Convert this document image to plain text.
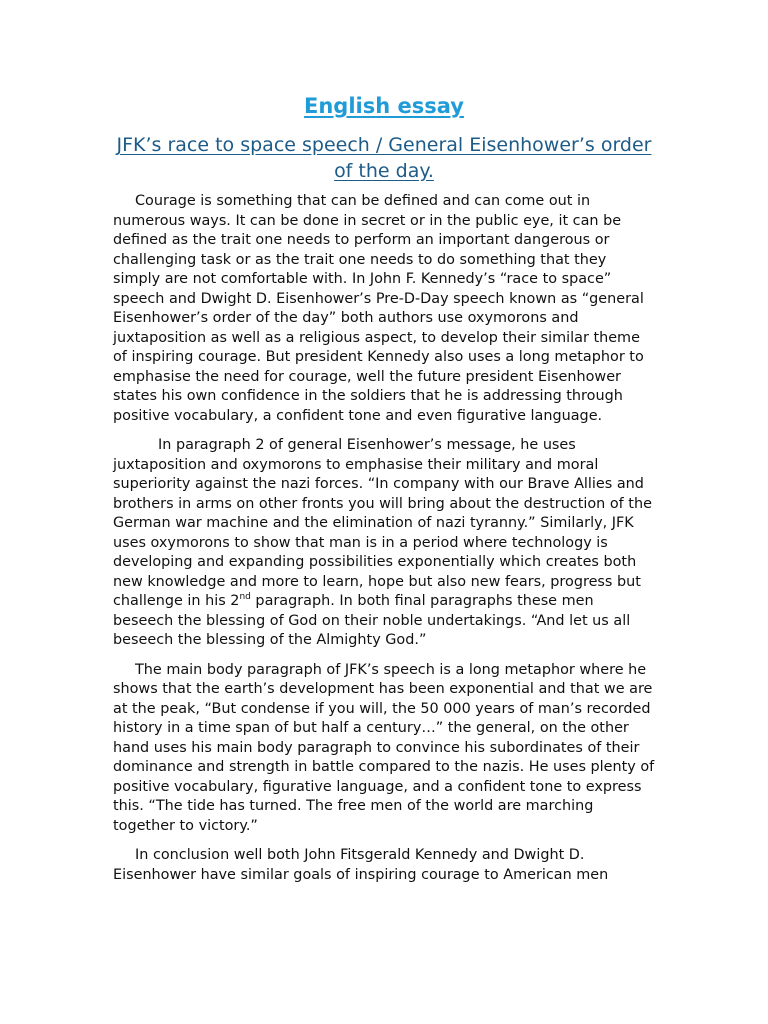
English essay
JFK’s race to space speech / General Eisenhower’s order of the day.

Courage is something that can be defined and can come out in numerous ways. It can be done in secret or in the public eye, it can be defined as the trait one needs to perform an important dangerous or challenging task or as the trait one needs to do something that they simply are not comfortable with. In John F. Kennedy’s “race to space” speech and Dwight D. Eisenhower’s Pre-D-Day speech known as “general Eisenhower’s order of the day” both authors use oxymorons and juxtaposition as well as a religious aspect, to develop their similar theme of inspiring courage. But president Kennedy also uses a long metaphor to emphasise the need for courage, well the future president Eisenhower states his own confidence in the soldiers that he is addressing through positive vocabulary, a confident tone and even figurative language.

In paragraph 2 of general Eisenhower’s message, he uses juxtaposition and oxymorons to emphasise their military and moral superiority against the nazi forces. “In company with our Brave Allies and brothers in arms on other fronts you will bring about the destruction of the German war machine and the elimination of nazi tyranny.” Similarly, JFK uses oxymorons to show that man is in a period where technology is developing and expanding possibilities exponentially which creates both new knowledge and more to learn, hope but also new fears, progress but challenge in his 2nd paragraph. In both final paragraphs these men beseech the blessing of God on their noble undertakings. “And let us all beseech the blessing of the Almighty God.”

The main body paragraph of JFK’s speech is a long metaphor where he shows that the earth’s development has been exponential and that we are at the peak, “But condense if you will, the 50 000 years of man’s recorded history in a time span of but half a century…” the general, on the other hand uses his main body paragraph to convince his subordinates of their dominance and strength in battle compared to the nazis. He uses plenty of positive vocabulary, figurative language, and a confident tone to express this. “The tide has turned. The free men of the world are marching together to victory.”

In conclusion well both John Fitsgerald Kennedy and Dwight D. Eisenhower have similar goals of inspiring courage to American men
